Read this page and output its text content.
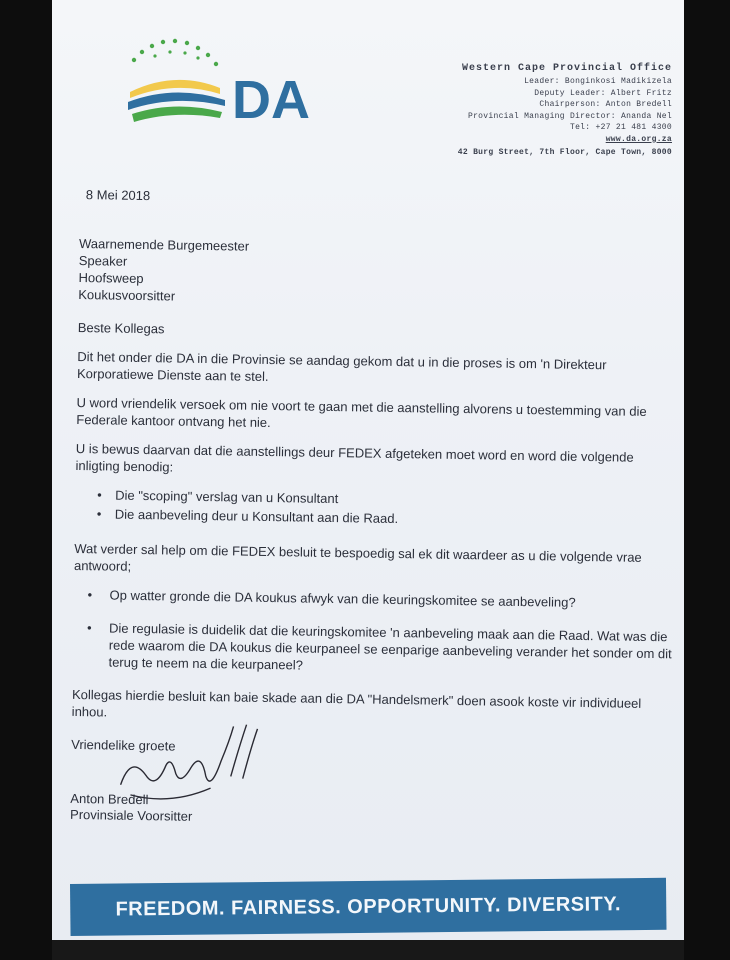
DA
Western Cape Provincial Office
Leader: Bonginkosi Madikizela
Deputy Leader: Albert Fritz
Chairperson: Anton Bredell
Provincial Managing Director: Ananda Nel
Tel: +27 21 481 4300
www.da.org.za
42 Burg Street, 7th Floor, Cape Town, 8000
8 Mei 2018
Waarnemende Burgemeester
Speaker
Hoofsweep
Koukusvoorsitter
Beste Kollegas

Dit het onder die DA in die Provinsie se aandag gekom dat u in die proses is om 'n Direkteur Korporatiewe Dienste aan te stel.

U word vriendelik versoek om nie voort te gaan met die aanstelling alvorens u toestemming van die Federale kantoor ontvang het nie.

U is bewus daarvan dat die aanstellings deur FEDEX afgeteken moet word en word die volgende inligting benodig:

• Die "scoping" verslag van u Konsultant
• Die aanbeveling deur u Konsultant aan die Raad.

Wat verder sal help om die FEDEX besluit te bespoedig sal ek dit waardeer as u die volgende vrae antwoord;

• Op watter gronde die DA koukus afwyk van die keuringskomitee se aanbeveling?
• Die regulasie is duidelik dat die keuringskomitee 'n aanbeveling maak aan die Raad. Wat was die rede waarom die DA koukus die keurpaneel se eenparige aanbeveling verander het sonder om dit terug te neem na die keurpaneel?

Kollegas hierdie besluit kan baie skade aan die DA "Handelsmerk" doen asook koste vir individueel inhou.

Vriendelike groete
Anton Bredell
Provinsiale Voorsitter
FREEDOM. FAIRNESS. OPPORTUNITY. DIVERSITY.
